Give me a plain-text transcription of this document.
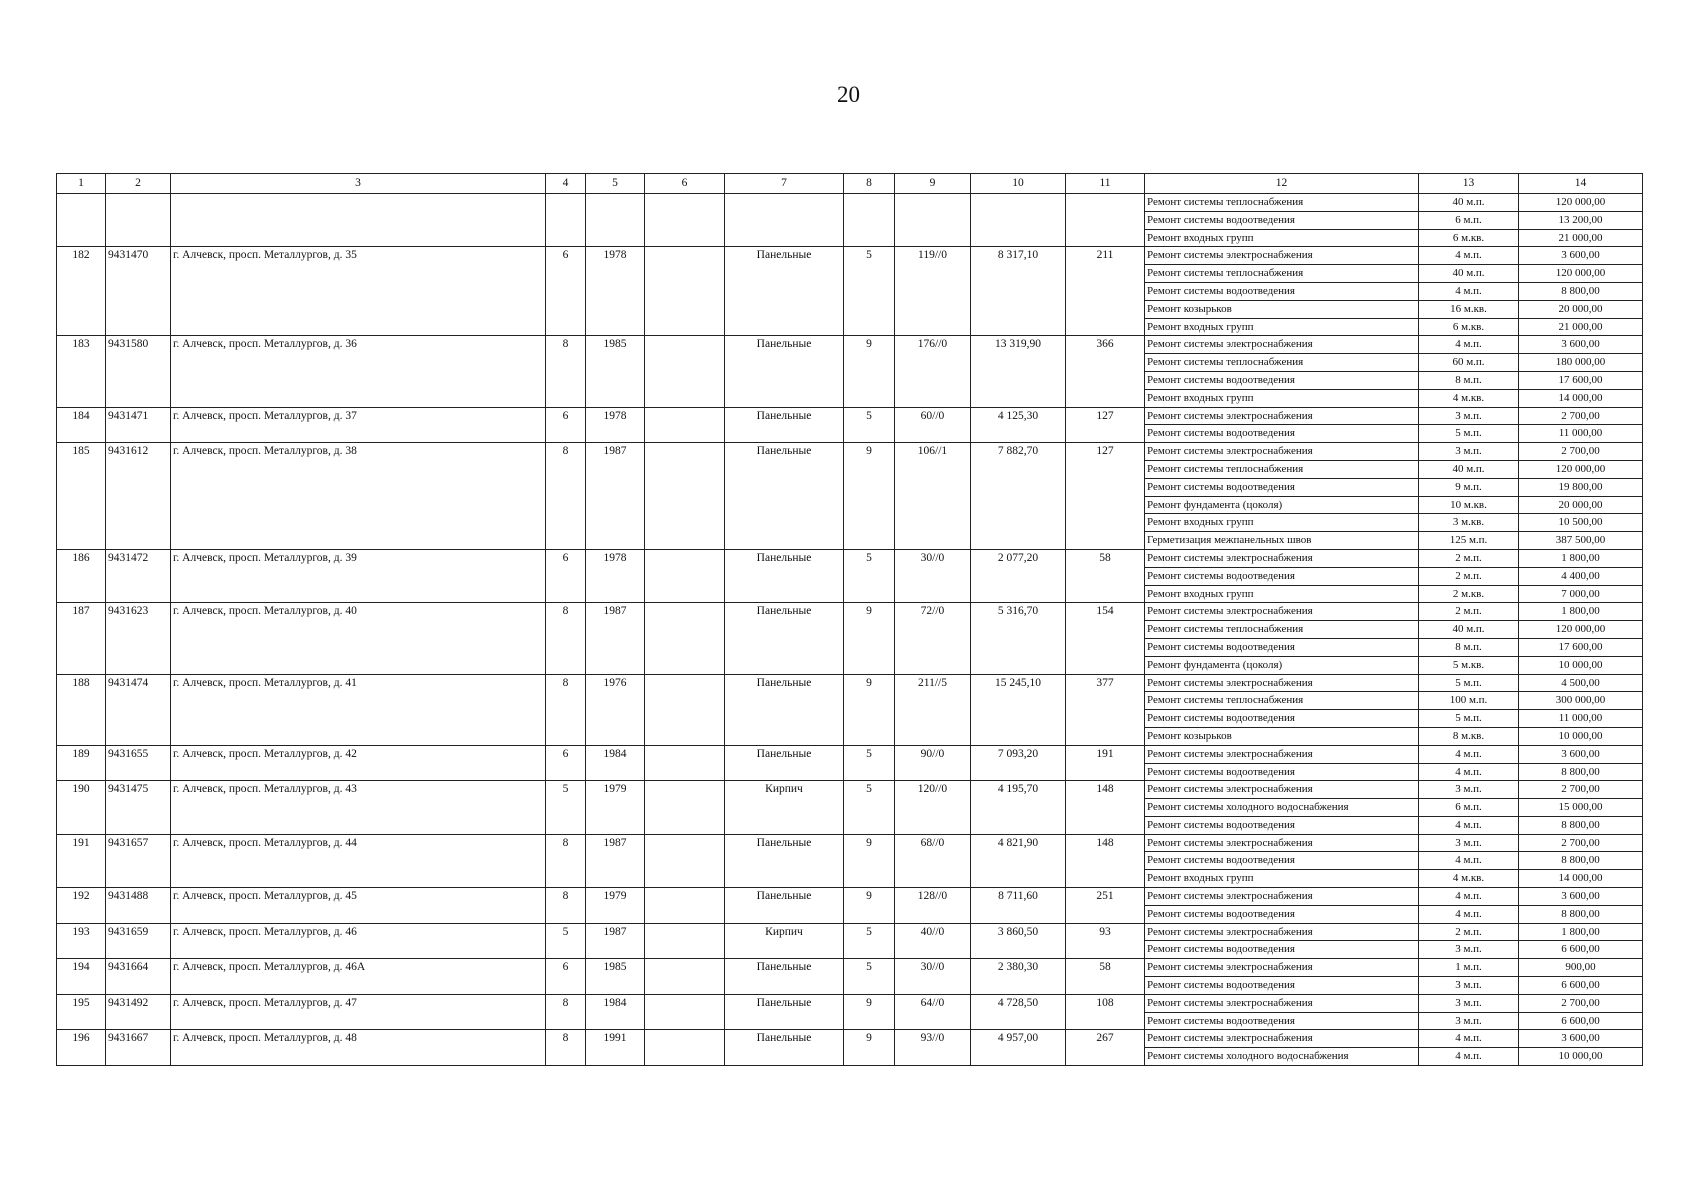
20
1	2	3	4	5	6	7	8	9	10	11	12	13	14
											Ремонт системы теплоснабжения	40 м.п.	120 000,00
											Ремонт системы водоотведения	6 м.п.	13 200,00
											Ремонт входных групп	6 м.кв.	21 000,00
182	9431470	г. Алчевск, просп. Металлургов, д. 35	6	1978		Панельные	5	119//0	8 317,10	211	Ремонт системы электроснабжения	4 м.п.	3 600,00
											Ремонт системы теплоснабжения	40 м.п.	120 000,00
											Ремонт системы водоотведения	4 м.п.	8 800,00
											Ремонт козырьков	16 м.кв.	20 000,00
											Ремонт входных групп	6 м.кв.	21 000,00
183	9431580	г. Алчевск, просп. Металлургов, д. 36	8	1985		Панельные	9	176//0	13 319,90	366	Ремонт системы электроснабжения	4 м.п.	3 600,00
											Ремонт системы теплоснабжения	60 м.п.	180 000,00
											Ремонт системы водоотведения	8 м.п.	17 600,00
											Ремонт входных групп	4 м.кв.	14 000,00
184	9431471	г. Алчевск, просп. Металлургов, д. 37	6	1978		Панельные	5	60//0	4 125,30	127	Ремонт системы электроснабжения	3 м.п.	2 700,00
											Ремонт системы водоотведения	5 м.п.	11 000,00
185	9431612	г. Алчевск, просп. Металлургов, д. 38	8	1987		Панельные	9	106//1	7 882,70	127	Ремонт системы электроснабжения	3 м.п.	2 700,00
											Ремонт системы теплоснабжения	40 м.п.	120 000,00
											Ремонт системы водоотведения	9 м.п.	19 800,00
											Ремонт фундамента (цоколя)	10 м.кв.	20 000,00
											Ремонт входных групп	3 м.кв.	10 500,00
											Герметизация межпанельных швов	125 м.п.	387 500,00
186	9431472	г. Алчевск, просп. Металлургов, д. 39	6	1978		Панельные	5	30//0	2 077,20	58	Ремонт системы электроснабжения	2 м.п.	1 800,00
											Ремонт системы водоотведения	2 м.п.	4 400,00
											Ремонт входных групп	2 м.кв.	7 000,00
187	9431623	г. Алчевск, просп. Металлургов, д. 40	8	1987		Панельные	9	72//0	5 316,70	154	Ремонт системы электроснабжения	2 м.п.	1 800,00
											Ремонт системы теплоснабжения	40 м.п.	120 000,00
											Ремонт системы водоотведения	8 м.п.	17 600,00
											Ремонт фундамента (цоколя)	5 м.кв.	10 000,00
188	9431474	г. Алчевск, просп. Металлургов, д. 41	8	1976		Панельные	9	211//5	15 245,10	377	Ремонт системы электроснабжения	5 м.п.	4 500,00
											Ремонт системы теплоснабжения	100 м.п.	300 000,00
											Ремонт системы водоотведения	5 м.п.	11 000,00
											Ремонт козырьков	8 м.кв.	10 000,00
189	9431655	г. Алчевск, просп. Металлургов, д. 42	6	1984		Панельные	5	90//0	7 093,20	191	Ремонт системы электроснабжения	4 м.п.	3 600,00
											Ремонт системы водоотведения	4 м.п.	8 800,00
190	9431475	г. Алчевск, просп. Металлургов, д. 43	5	1979		Кирпич	5	120//0	4 195,70	148	Ремонт системы электроснабжения	3 м.п.	2 700,00
											Ремонт системы холодного водоснабжения	6 м.п.	15 000,00
											Ремонт системы водоотведения	4 м.п.	8 800,00
191	9431657	г. Алчевск, просп. Металлургов, д. 44	8	1987		Панельные	9	68//0	4 821,90	148	Ремонт системы электроснабжения	3 м.п.	2 700,00
											Ремонт системы водоотведения	4 м.п.	8 800,00
											Ремонт входных групп	4 м.кв.	14 000,00
192	9431488	г. Алчевск, просп. Металлургов, д. 45	8	1979		Панельные	9	128//0	8 711,60	251	Ремонт системы электроснабжения	4 м.п.	3 600,00
											Ремонт системы водоотведения	4 м.п.	8 800,00
193	9431659	г. Алчевск, просп. Металлургов, д. 46	5	1987		Кирпич	5	40//0	3 860,50	93	Ремонт системы электроснабжения	2 м.п.	1 800,00
											Ремонт системы водоотведения	3 м.п.	6 600,00
194	9431664	г. Алчевск, просп. Металлургов, д. 46А	6	1985		Панельные	5	30//0	2 380,30	58	Ремонт системы электроснабжения	1 м.п.	900,00
											Ремонт системы водоотведения	3 м.п.	6 600,00
195	9431492	г. Алчевск, просп. Металлургов, д. 47	8	1984		Панельные	9	64//0	4 728,50	108	Ремонт системы электроснабжения	3 м.п.	2 700,00
											Ремонт системы водоотведения	3 м.п.	6 600,00
196	9431667	г. Алчевск, просп. Металлургов, д. 48	8	1991		Панельные	9	93//0	4 957,00	267	Ремонт системы электроснабжения	4 м.п.	3 600,00
											Ремонт системы холодного водоснабжения	4 м.п.	10 000,00
